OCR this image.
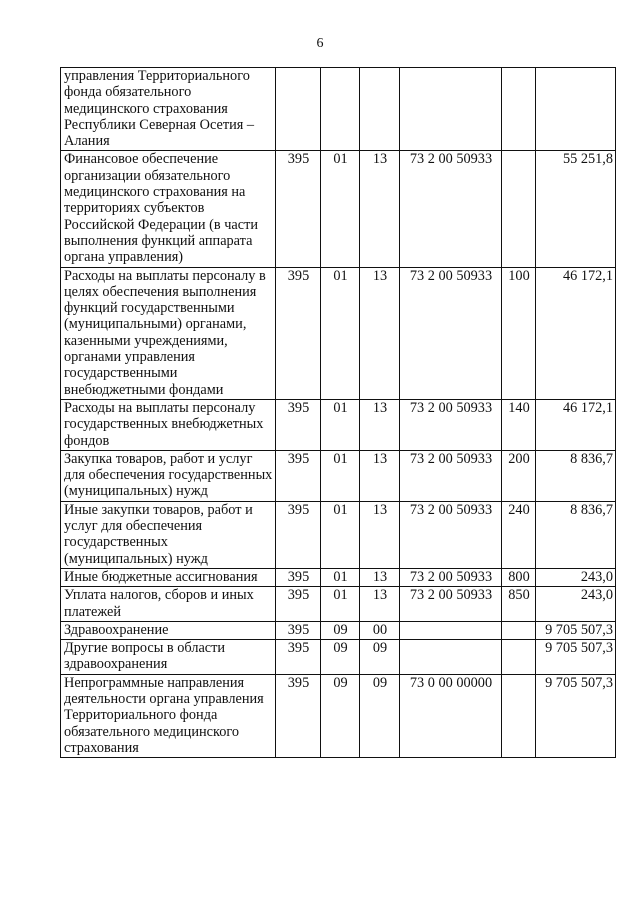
6
управления Территориального фонда обязательного медицинского страхования Республики Северная Осетия – Алания						
Финансовое обеспечение организации обязательного медицинского страхования на территориях субъектов Российской Федерации (в части выполнения функций аппарата органа управления)	395	01	13	73 2 00 50933		55 251,8
Расходы на выплаты персоналу в целях обеспечения выполнения функций государственными (муниципальными) органами, казенными учреждениями, органами управления государственными внебюджетными фондами	395	01	13	73 2 00 50933	100	46 172,1
Расходы на выплаты персоналу государственных внебюджетных фондов	395	01	13	73 2 00 50933	140	46 172,1
Закупка товаров, работ и услуг для обеспечения государственных (муниципальных) нужд	395	01	13	73 2 00 50933	200	8 836,7
Иные закупки товаров, работ и услуг для обеспечения государственных (муниципальных) нужд	395	01	13	73 2 00 50933	240	8 836,7
Иные бюджетные ассигнования	395	01	13	73 2 00 50933	800	243,0
Уплата налогов, сборов и иных платежей	395	01	13	73 2 00 50933	850	243,0
Здравоохранение	395	09	00			9 705 507,3
Другие вопросы в области здравоохранения	395	09	09			9 705 507,3
Непрограммные направления деятельности органа управления Территориального фонда обязательного медицинского страхования	395	09	09	73 0 00 00000		9 705 507,3
